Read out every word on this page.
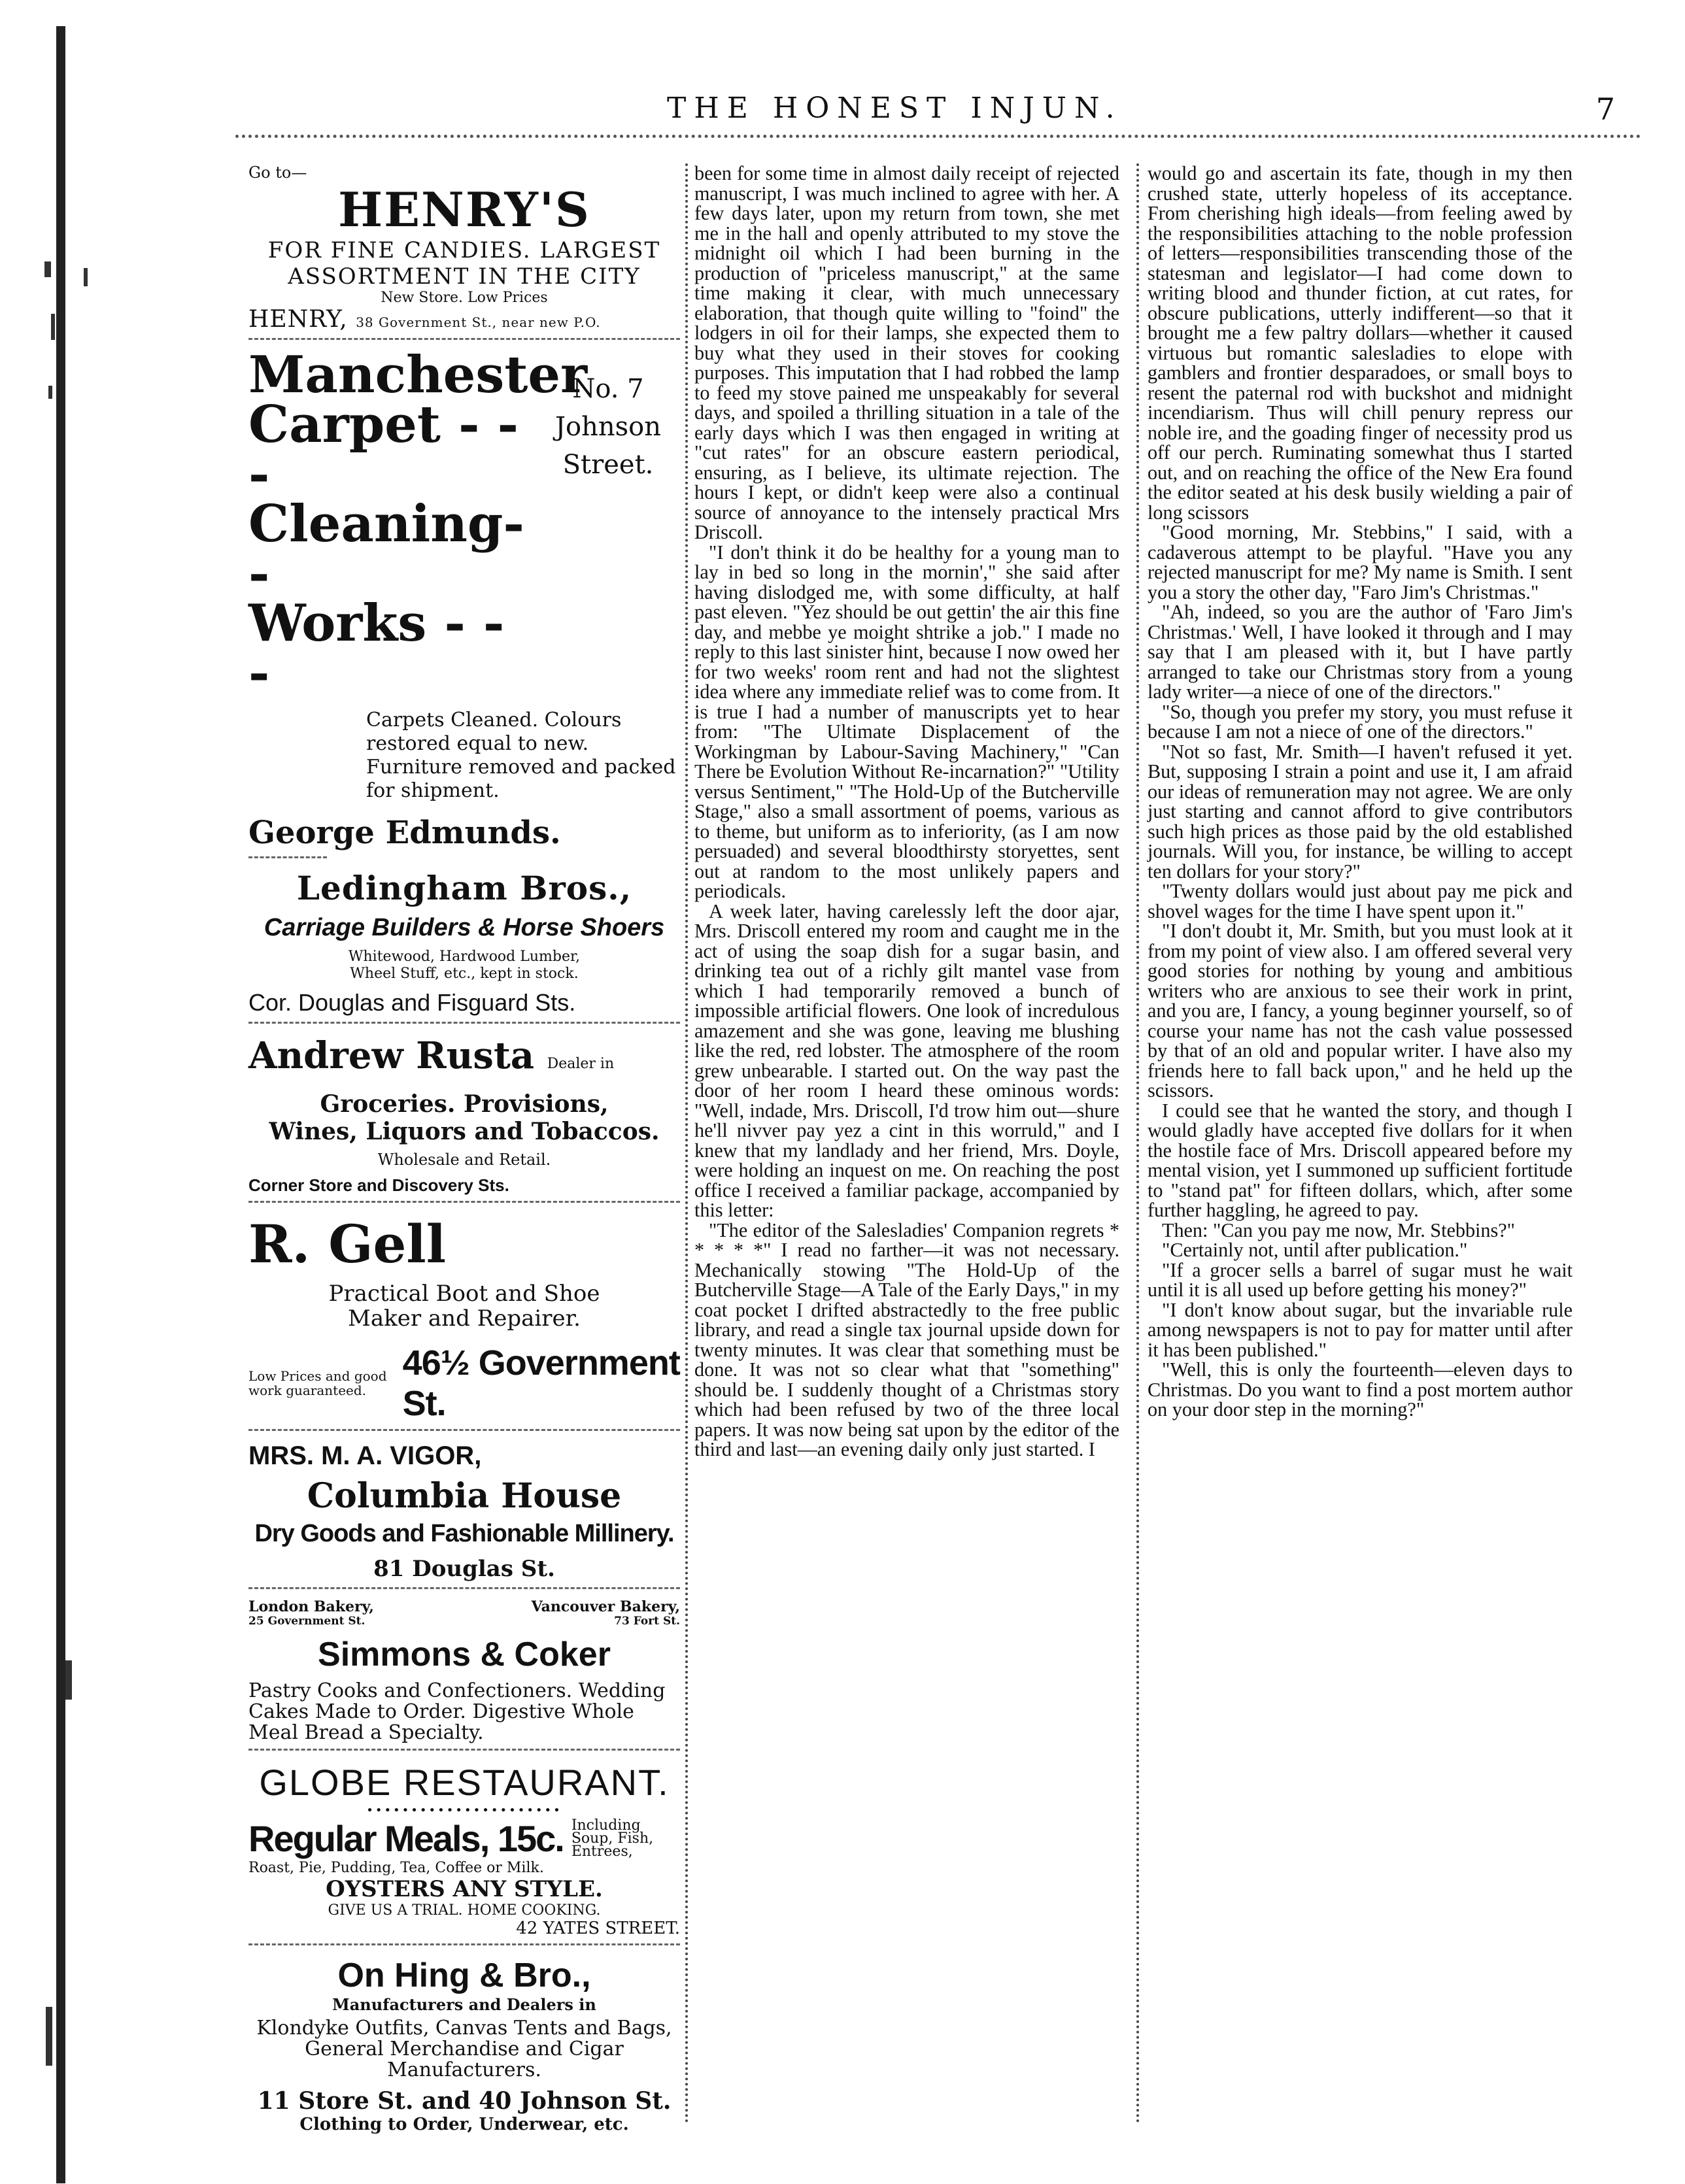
THE HONEST INJUN.	7
Go to—
HENRY'S
FOR FINE CANDIES. LARGEST
ASSORTMENT IN THE CITY
New Store. Low Prices
HENRY, 38 Government St., near new P.O.
Manchester
Carpet - - -
Cleaning- -
Works - - -
No. 7
Johnson
Street.
Carpets Cleaned. Colours restored equal to new. Furniture removed and packed for shipment.
George Edmunds.
Ledingham Bros.,
Carriage Builders & Horse Shoers
Whitewood, Hardwood Lumber,
Wheel Stuff, etc., kept in stock.
Cor. Douglas and Fisguard Sts.
Andrew Rusta Dealer in
Groceries. Provisions,
Wines, Liquors and Tobaccos.
Wholesale and Retail.
Corner Store and Discovery Sts.
R. Gell
Practical Boot and Shoe
Maker and Repairer.
Low Prices and good work guaranteed.
46½ Government St.
MRS. M. A. VIGOR,
Columbia House
Dry Goods and Fashionable Millinery.
81 Douglas St.
London Bakery,
25 Government St.
Vancouver Bakery,
73 Fort St.
Simmons & Coker
Pastry Cooks and Confectioners. Wedding Cakes Made to Order. Digestive Whole Meal Bread a Specialty.
GLOBE RESTAURANT.
••••••••••••••••••••••
Regular Meals, 15c. Including Soup, Fish, Entrees,
Roast, Pie, Pudding, Tea, Coffee or Milk.
OYSTERS ANY STYLE.
GIVE US A TRIAL. HOME COOKING.
42 YATES STREET.
On Hing & Bro.,
Manufacturers and Dealers in
Klondyke Outfits, Canvas Tents and Bags, General Merchandise and Cigar Manufacturers.
11 Store St. and 40 Johnson St.
Clothing to Order, Underwear, etc.

been for some time in almost daily receipt of rejected manuscript, I was much inclined to agree with her. A few days later, upon my return from town, she met me in the hall and openly attributed to my stove the midnight oil which I had been burning in the production of "priceless manuscript," at the same time making it clear, with much unnecessary elaboration, that though quite willing to "foind" the lodgers in oil for their lamps, she expected them to buy what they used in their stoves for cooking purposes. This imputation that I had robbed the lamp to feed my stove pained me unspeakably for several days, and spoiled a thrilling situation in a tale of the early days which I was then engaged in writing at "cut rates" for an obscure eastern periodical, ensuring, as I believe, its ultimate rejection. The hours I kept, or didn't keep were also a continual source of annoyance to the intensely practical Mrs Driscoll.

"I don't think it do be healthy for a young man to lay in bed so long in the mornin'," she said after having dislodged me, with some difficulty, at half past eleven. "Yez should be out gettin' the air this fine day, and mebbe ye moight shtrike a job." I made no reply to this last sinister hint, because I now owed her for two weeks' room rent and had not the slightest idea where any immediate relief was to come from. It is true I had a number of manuscripts yet to hear from: "The Ultimate Displacement of the Workingman by Labour-Saving Machinery," "Can There be Evolution Without Re-incarnation?" "Utility versus Sentiment," "The Hold-Up of the Butcherville Stage," also a small assortment of poems, various as to theme, but uniform as to inferiority, (as I am now persuaded) and several bloodthirsty storyettes, sent out at random to the most unlikely papers and periodicals.

A week later, having carelessly left the door ajar, Mrs. Driscoll entered my room and caught me in the act of using the soap dish for a sugar basin, and drinking tea out of a richly gilt mantel vase from which I had temporarily removed a bunch of impossible artificial flowers. One look of incredulous amazement and she was gone, leaving me blushing like the red, red lobster. The atmosphere of the room grew unbearable. I started out. On the way past the door of her room I heard these ominous words: "Well, indade, Mrs. Driscoll, I'd trow him out—shure he'll nivver pay yez a cint in this worruld," and I knew that my landlady and her friend, Mrs. Doyle, were holding an inquest on me. On reaching the post office I received a familiar package, accompanied by this letter:

"The editor of the Salesladies' Companion regrets * * * * *" I read no farther—it was not necessary. Mechanically stowing "The Hold-Up of the Butcherville Stage—A Tale of the Early Days," in my coat pocket I drifted abstractedly to the free public library, and read a single tax journal upside down for twenty minutes. It was clear that something must be done. It was not so clear what that "something" should be. I suddenly thought of a Christmas story which had been refused by two of the three local papers. It was now being sat upon by the editor of the third and last—an evening daily only just started. I

would go and ascertain its fate, though in my then crushed state, utterly hopeless of its acceptance. From cherishing high ideals—from feeling awed by the responsibilities attaching to the noble profession of letters—responsibilities transcending those of the statesman and legislator—I had come down to writing blood and thunder fiction, at cut rates, for obscure publications, utterly indifferent—so that it brought me a few paltry dollars—whether it caused virtuous but romantic salesladies to elope with gamblers and frontier desparadoes, or small boys to resent the paternal rod with buckshot and midnight incendiarism. Thus will chill penury repress our noble ire, and the goading finger of necessity prod us off our perch. Ruminating somewhat thus I started out, and on reaching the office of the New Era found the editor seated at his desk busily wielding a pair of long scissors

"Good morning, Mr. Stebbins," I said, with a cadaverous attempt to be playful. "Have you any rejected manuscript for me? My name is Smith. I sent you a story the other day, "Faro Jim's Christmas."

"Ah, indeed, so you are the author of 'Faro Jim's Christmas.' Well, I have looked it through and I may say that I am pleased with it, but I have partly arranged to take our Christmas story from a young lady writer—a niece of one of the directors."

"So, though you prefer my story, you must refuse it because I am not a niece of one of the directors."

"Not so fast, Mr. Smith—I haven't refused it yet. But, supposing I strain a point and use it, I am afraid our ideas of remuneration may not agree. We are only just starting and cannot afford to give contributors such high prices as those paid by the old established journals. Will you, for instance, be willing to accept ten dollars for your story?"

"Twenty dollars would just about pay me pick and shovel wages for the time I have spent upon it."

"I don't doubt it, Mr. Smith, but you must look at it from my point of view also. I am offered several very good stories for nothing by young and ambitious writers who are anxious to see their work in print, and you are, I fancy, a young beginner yourself, so of course your name has not the cash value possessed by that of an old and popular writer. I have also my friends here to fall back upon," and he held up the scissors.

I could see that he wanted the story, and though I would gladly have accepted five dollars for it when the hostile face of Mrs. Driscoll appeared before my mental vision, yet I summoned up sufficient fortitude to "stand pat" for fifteen dollars, which, after some further haggling, he agreed to pay.

Then: "Can you pay me now, Mr. Stebbins?"

"Certainly not, until after publication."

"If a grocer sells a barrel of sugar must he wait until it is all used up before getting his money?"

"I don't know about sugar, but the invariable rule among newspapers is not to pay for matter until after it has been published."

"Well, this is only the fourteenth—eleven days to Christmas. Do you want to find a post mortem author on your door step in the morning?"
